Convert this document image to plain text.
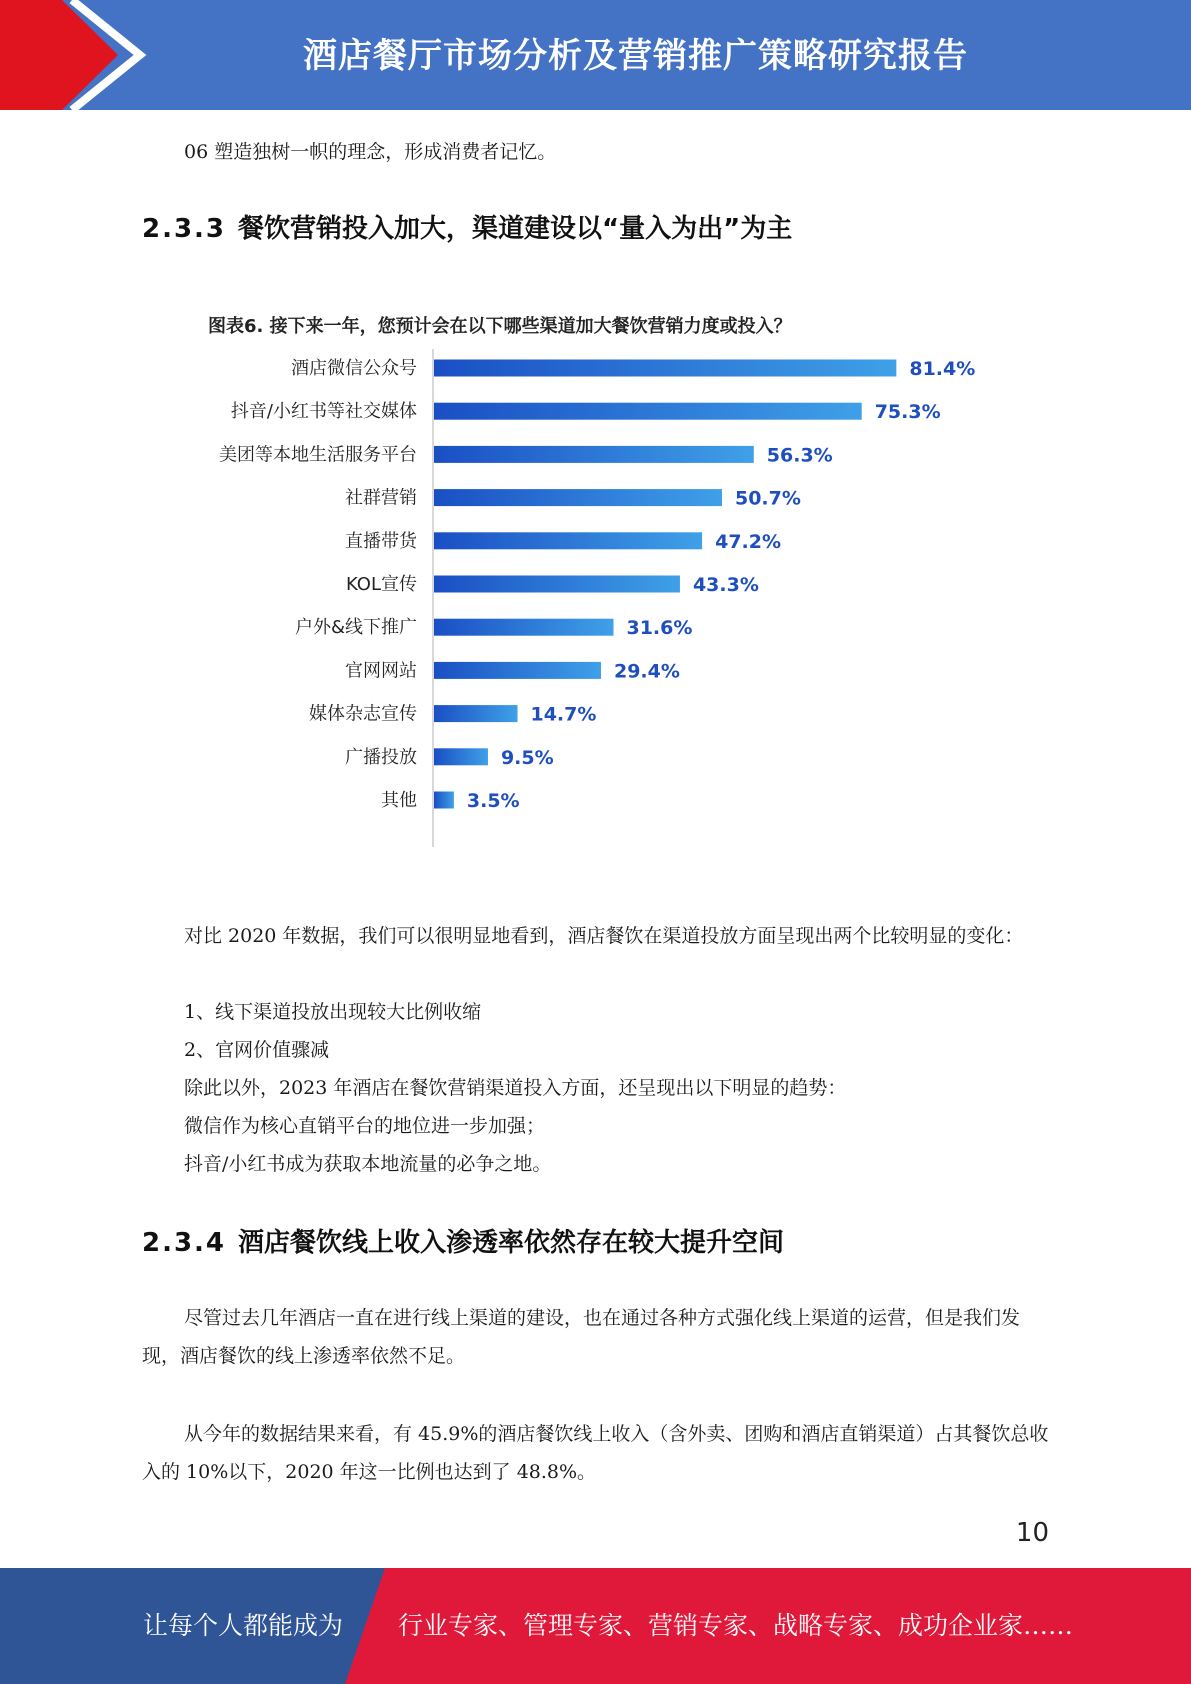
酒店餐厅市场分析及营销推广策略研究报告

06 塑造独树一帜的理念，形成消费者记忆。

2.3.3 餐饮营销投入加大，渠道建设以“量入为出”为主

图表6. 接下来一年，您预计会在以下哪些渠道加大餐饮营销力度或投入？
酒店微信公众号	81.4%
抖音/小红书等社交媒体	75.3%
美团等本地生活服务平台	56.3%
社群营销	50.7%
直播带货	47.2%
KOL宣传	43.3%
户外&线下推广	31.6%
官网网站	29.4%
媒体杂志宣传	14.7%
广播投放	9.5%
其他	3.5%

对比 2020 年数据，我们可以很明显地看到，酒店餐饮在渠道投放方面呈现出两个比较明显的变化：

1、线下渠道投放出现较大比例收缩

2、官网价值骤减

除此以外，2023 年酒店在餐饮营销渠道投入方面，还呈现出以下明显的趋势：

微信作为核心直销平台的地位进一步加强；

抖音/小红书成为获取本地流量的必争之地。

2.3.4 酒店餐饮线上收入渗透率依然存在较大提升空间

尽管过去几年酒店一直在进行线上渠道的建设，也在通过各种方式强化线上渠道的运营，但是我们发现，酒店餐饮的线上渗透率依然不足。

从今年的数据结果来看，有 45.9%的酒店餐饮线上收入（含外卖、团购和酒店直销渠道）占其餐饮总收入的 10%以下，2020 年这一比例也达到了 48.8%。

10
让每个人都能成为 行业专家、管理专家、营销专家、战略专家、成功企业家……
